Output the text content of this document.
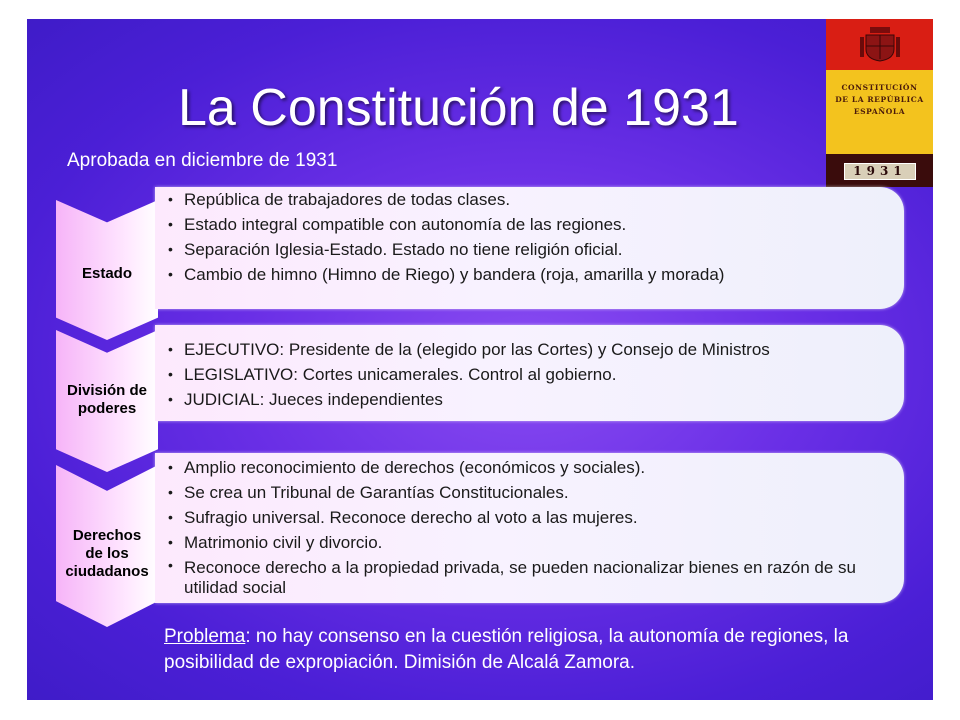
La Constitución de 1931
Aprobada en diciembre de 1931
CONSTITUCIÓN
DE LA REPÚBLICA
ESPAÑOLA
1931
Estado
• República de trabajadores de todas clases.
• Estado integral compatible con autonomía de las regiones.
• Separación Iglesia-Estado. Estado no tiene religión oficial.
• Cambio de himno (Himno de Riego) y bandera (roja, amarilla y morada)
División de
poderes
• EJECUTIVO: Presidente de la (elegido por las Cortes) y Consejo de Ministros
• LEGISLATIVO: Cortes unicamerales. Control al gobierno.
• JUDICIAL: Jueces independientes
Derechos
de los
ciudadanos
• Amplio reconocimiento de derechos (económicos y sociales).
• Se crea un Tribunal de Garantías Constitucionales.
• Sufragio universal. Reconoce derecho al voto a las mujeres.
• Matrimonio civil y divorcio.
• Reconoce derecho a la propiedad privada, se pueden nacionalizar bienes en razón de su utilidad social
Problema: no hay consenso en la cuestión religiosa, la autonomía de regiones, la posibilidad de expropiación. Dimisión de Alcalá Zamora.
